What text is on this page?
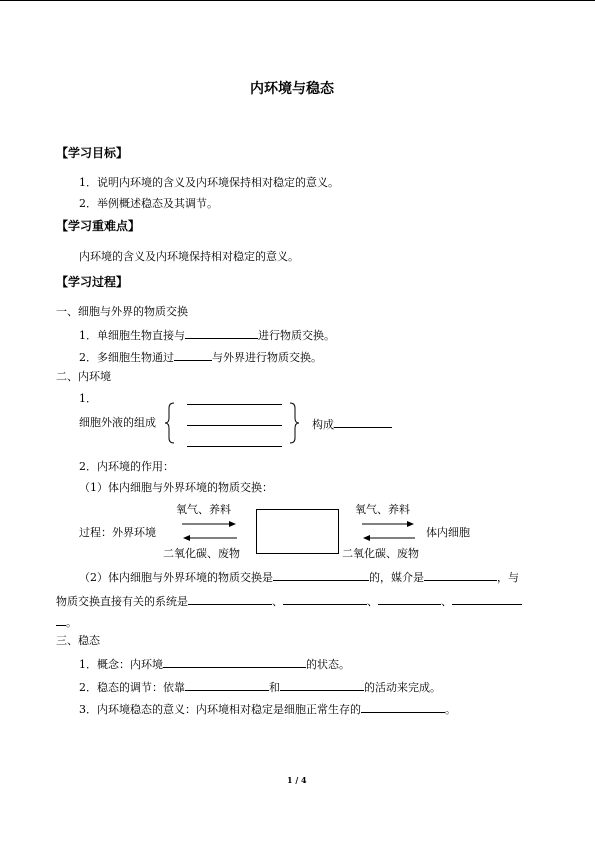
内环境与稳态
【学习目标】
1．说明内环境的含义及内环境保持相对稳定的意义。
2．举例概述稳态及其调节。
【学习重难点】
内环境的含义及内环境保持相对稳定的意义。
【学习过程】
一、细胞与外界的物质交换
1．单细胞生物直接与	进行物质交换。
2．多细胞生物通过	与外界进行物质交换。
二、内环境
1．
细胞外液的组成	构成
2．内环境的作用：
（1）体内细胞与外界环境的物质交换：
氧气、养料	氧气、养料
过程：外界环境	体内细胞
二氧化碳、废物	二氧化碳、废物
（2）体内细胞与外界环境的物质交换是	的，媒介是	，与
物质交换直接有关的系统是	、	、	、
。
三、稳态
1．概念：内环境	的状态。
2．稳态的调节：依靠	和	的活动来完成。
3．内环境稳态的意义：内环境相对稳定是细胞正常生存的	。
1 / 4
